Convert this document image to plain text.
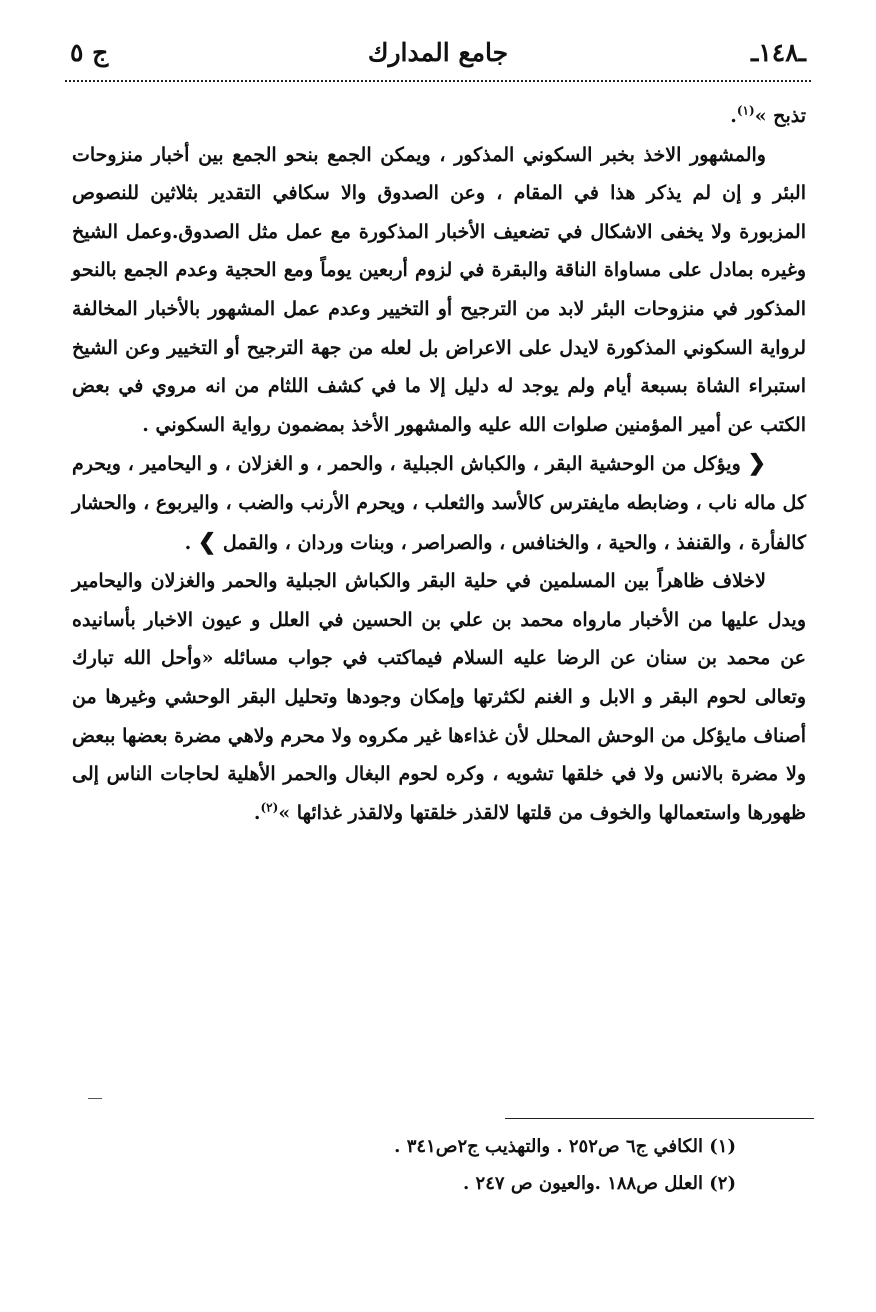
ـ١٤٨ـ
جامع المدارك
ج ٥

تذبح »$^{(١)}$.

والمشهور الاخذ بخبر السكوني المذكور ، ويمكن الجمع بنحو الجمع بين أخبار منزوحات البئر و إن لم يذكر هذا في المقام ، وعن الصدوق والا سكافي التقدير بثلاثين للنصوص المزبورة ولا يخفى الاشكال في تضعيف الأخبار المذكورة مع عمل مثل الصدوق.وعمل الشيخ وغيره بمادل على مساواة الناقة والبقرة في لزوم أربعين يوماً ومع الحجية وعدم الجمع بالنحو المذكور في منزوحات البئر لابد من الترجيح أو التخيير وعدم عمل المشهور بالأخبار المخالفة لرواية السكوني المذكورة لايدل على الاعراض بل لعله من جهة الترجيح أو التخيير وعن الشيخ استبراء الشاة بسبعة أيام ولم يوجد له دليل إلا ما في كشف اللثام من انه مروي في بعض الكتب عن أمير المؤمنين صلوات الله عليه والمشهور الأخذ بمضمون رواية السكوني .

❮ ويؤكل من الوحشية البقر ، والكباش الجبلية ، والحمر ، و الغزلان ، و اليحامير ، ويحرم كل ماله ناب ، وضابطه مايفترس كالأسد والثعلب ، ويحرم الأرنب والضب ، واليربوع ، والحشار كالفأرة ، والقنفذ ، والحية ، والخنافس ، والصراصر ، وبنات وردان ، والقمل ❯ .

لاخلاف ظاهراً بين المسلمين في حلية البقر والكباش الجبلية والحمر والغزلان واليحامير ويدل عليها من الأخبار مارواه محمد بن علي بن الحسين في العلل و عيون الاخبار بأسانيده عن محمد بن سنان عن الرضا عليه السلام فيماكتب في جواب مسائله «وأحل الله تبارك وتعالى لحوم البقر و الابل و الغنم لكثرتها وإمكان وجودها وتحليل البقر الوحشي وغيرها من أصناف مايؤكل من الوحش المحلل لأن غذاءها غير مكروه ولا محرم ولاهي مضرة بعضها ببعض ولا مضرة بالانس ولا في خلقها تشويه ، وكره لحوم البغال والحمر الأهلية لحاجات الناس إلى ظهورها واستعمالها والخوف من قلتها لالقذر خلقتها ولالقذر غذائها »$^{(٢)}$.

(١) الكافي ج٦ ص٢٥٢ . والتهذيب ج٢ص٣٤١ .

(٢) العلل ص١٨٨ .والعيون ص ٢٤٧ .
